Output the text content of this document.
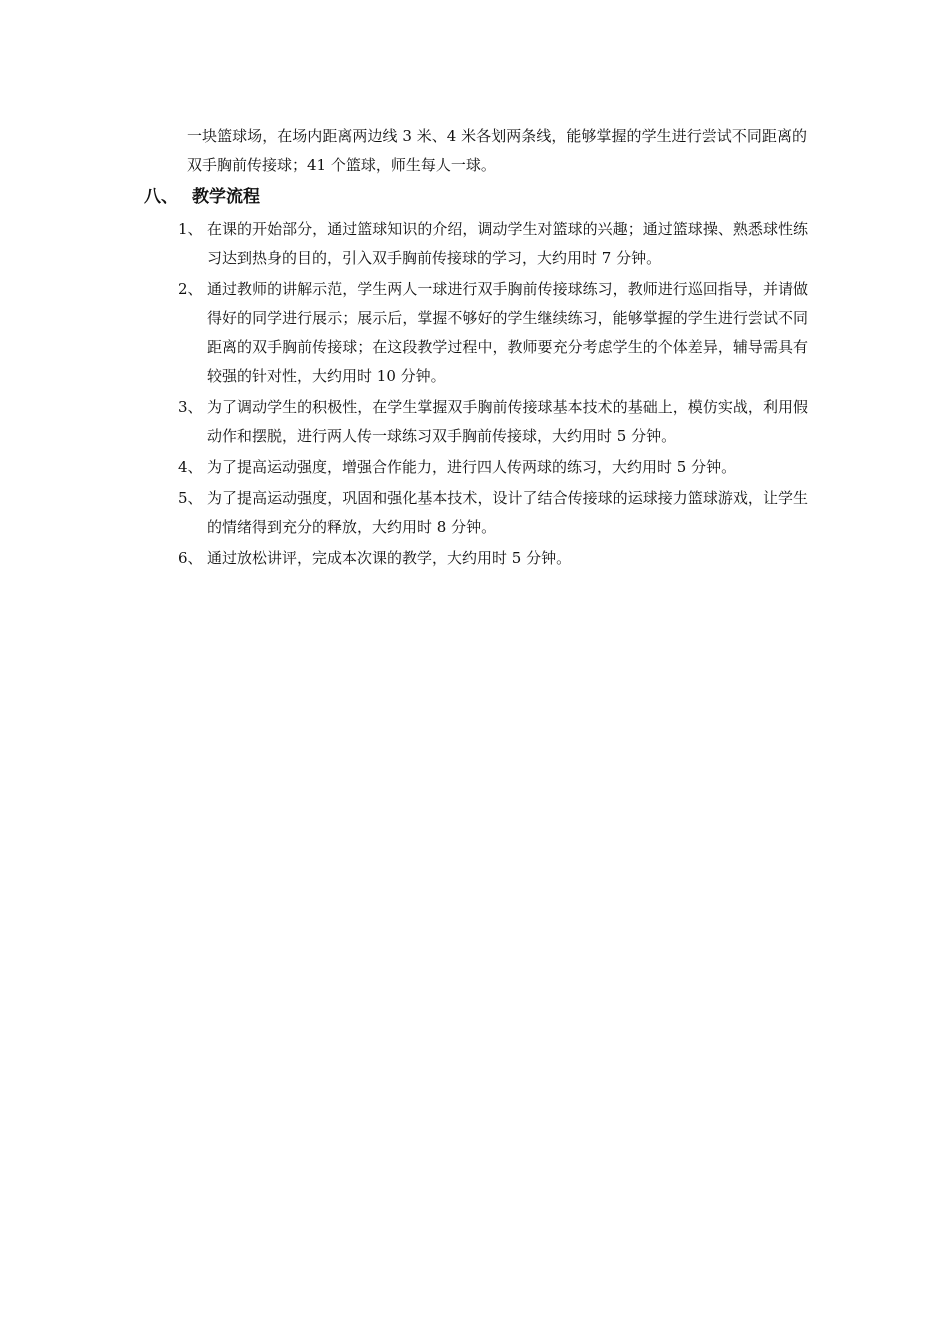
一块篮球场，在场内距离两边线 3 米、4 米各划两条线，能够掌握的学生进行尝试不同距离的双手胸前传接球；41 个篮球，师生每人一球。

八、 教学流程
1、 在课的开始部分，通过篮球知识的介绍，调动学生对篮球的兴趣；通过篮球操、熟悉球性练习达到热身的目的，引入双手胸前传接球的学习，大约用时 7 分钟。
2、 通过教师的讲解示范，学生两人一球进行双手胸前传接球练习，教师进行巡回指导，并请做得好的同学进行展示；展示后，掌握不够好的学生继续练习，能够掌握的学生进行尝试不同距离的双手胸前传接球；在这段教学过程中，教师要充分考虑学生的个体差异，辅导需具有较强的针对性，大约用时 10 分钟。
3、 为了调动学生的积极性，在学生掌握双手胸前传接球基本技术的基础上，模仿实战，利用假动作和摆脱，进行两人传一球练习双手胸前传接球，大约用时 5 分钟。
4、 为了提高运动强度，增强合作能力，进行四人传两球的练习，大约用时 5 分钟。
5、 为了提高运动强度，巩固和强化基本技术，设计了结合传接球的运球接力篮球游戏，让学生的情绪得到充分的释放，大约用时 8 分钟。
6、 通过放松讲评，完成本次课的教学，大约用时 5 分钟。
